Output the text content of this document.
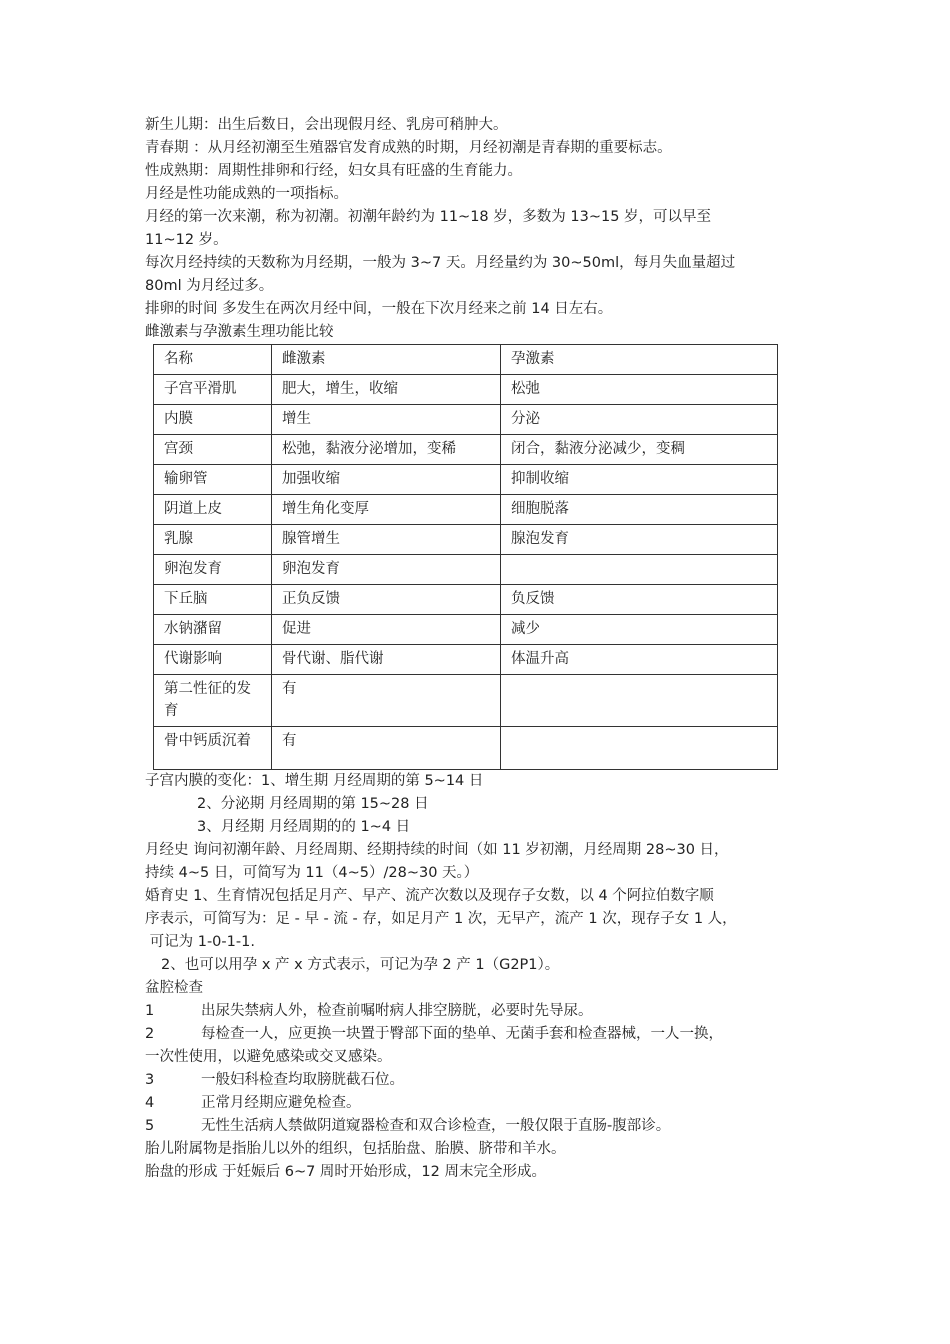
新生儿期：出生后数日，会出现假月经、乳房可稍肿大。

青春期 ：从月经初潮至生殖器官发育成熟的时期，月经初潮是青春期的重要标志。

性成熟期：周期性排卵和行经，妇女具有旺盛的生育能力。

月经是性功能成熟的一项指标。

月经的第一次来潮，称为初潮。初潮年龄约为 11~18 岁，多数为 13~15 岁，可以早至

11~12 岁。

每次月经持续的天数称为月经期，一般为 3~7 天。月经量约为 30~50ml，每月失血量超过

80ml 为月经过多。

排卵的时间 多发生在两次月经中间，一般在下次月经来之前 14 日左右。

雌激素与孕激素生理功能比较

名称	雌激素	孕激素
子宫平滑肌	肥大，增生，收缩	松弛
内膜	增生	分泌
宫颈	松弛，黏液分泌增加，变稀	闭合，黏液分泌减少，变稠
输卵管	加强收缩	抑制收缩
阴道上皮	增生角化变厚	细胞脱落
乳腺	腺管增生	腺泡发育
卵泡发育	卵泡发育	
下丘脑	正负反馈	负反馈
水钠潴留	促进	减少
代谢影响	骨代谢、脂代谢	体温升高
第二性征的发育	有	
骨中钙质沉着	有	

子宫内膜的变化：1、增生期 月经周期的第 5~14 日

2、分泌期 月经周期的第 15~28 日

3、月经期 月经周期的的 1~4 日

月经史 询问初潮年龄、月经周期、经期持续的时间（如 11 岁初潮，月经周期 28~30 日，

持续 4~5 日，可简写为 11（4~5）/28~30 天。）

婚育史 1、生育情况包括足月产、早产、流产次数以及现存子女数，以 4 个阿拉伯数字顺

序表示，可简写为：足 - 早 - 流 - 存，如足月产 1 次，无早产，流产 1 次，现存子女 1 人，

可记为 1-0-1-1.

2、也可以用孕 x 产 x 方式表示，可记为孕 2 产 1（G2P1）。

盆腔检查

1	出尿失禁病人外，检查前嘱咐病人排空膀胱，必要时先导尿。

2	每检查一人，应更换一块置于臀部下面的垫单、无菌手套和检查器械，一人一换，

一次性使用，以避免感染或交叉感染。

3	一般妇科检查均取膀胱截石位。

4	正常月经期应避免检查。

5	无性生活病人禁做阴道窥器检查和双合诊检查，一般仅限于直肠-腹部诊。

胎儿附属物是指胎儿以外的组织，包括胎盘、胎膜、脐带和羊水。

胎盘的形成 于妊娠后 6~7 周时开始形成，12 周末完全形成。
